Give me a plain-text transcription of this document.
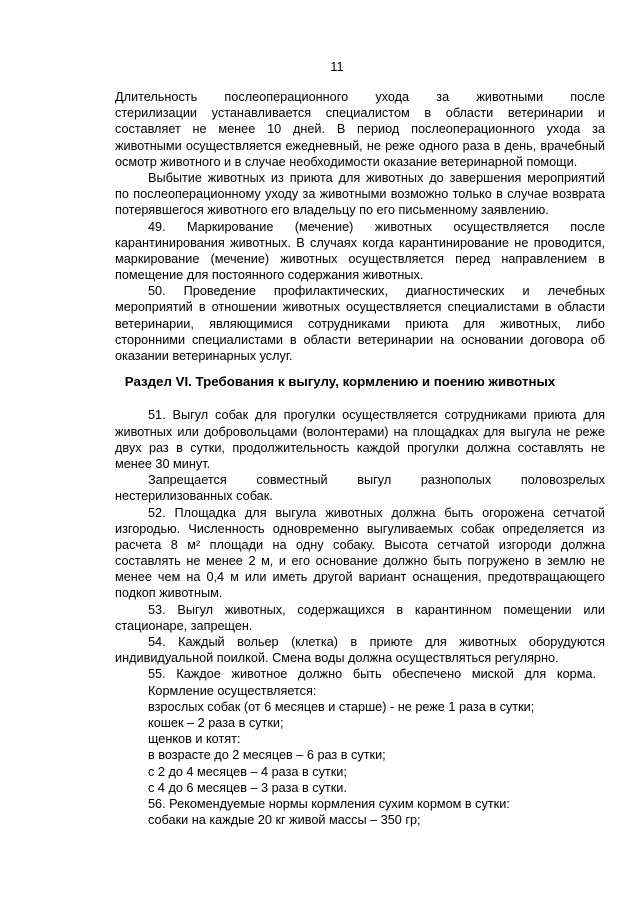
11
Длительность послеоперационного ухода за животными после
стерилизации устанавливается специалистом в области ветеринарии и
составляет не менее 10 дней. В период послеоперационного ухода за
животными осуществляется ежедневный, не реже одного раза в день, врачебный
осмотр животного и в случае необходимости оказание ветеринарной помощи.
Выбытие животных из приюта для животных до завершения мероприятий
по послеоперационному уходу за животными возможно только в случае возврата
потерявшегося животного его владельцу по его письменному заявлению.
49. Маркирование (мечение) животных осуществляется после
карантинирования животных. В случаях когда карантинирование не проводится,
маркирование (мечение) животных осуществляется перед направлением в
помещение для постоянного содержания животных.
50. Проведение профилактических, диагностических и лечебных
мероприятий в отношении животных осуществляется специалистами в области
ветеринарии, являющимися сотрудниками приюта для животных, либо
сторонними специалистами в области ветеринарии на основании договора об
оказании ветеринарных услуг.
Раздел VI. Требования к выгулу, кормлению и поению животных
51. Выгул собак для прогулки осуществляется сотрудниками приюта для
животных или добровольцами (волонтерами) на площадках для выгула не реже
двух раз в сутки, продолжительность каждой прогулки должна составлять не
менее 30 минут.
Запрещается совместный выгул разнополых половозрелых
нестерилизованных собак.
52. Площадка для выгула животных должна быть огорожена сетчатой
изгородью. Численность одновременно выгуливаемых собак определяется из
расчета 8 м² площади на одну собаку. Высота сетчатой изгороди должна
составлять не менее 2 м, и его основание должно быть погружено в землю не
менее чем на 0,4 м или иметь другой вариант оснащения, предотвращающего
подкоп животным.
53. Выгул животных, содержащихся в карантинном помещении или
стационаре, запрещен.
54. Каждый вольер (клетка) в приюте для животных оборудуются
индивидуальной поилкой. Смена воды должна осуществляться регулярно.
55. Каждое животное должно быть обеспечено миской для корма.
Кормление осуществляется:
взрослых собак (от 6 месяцев и старше) - не реже 1 раза в сутки;
кошек – 2 раза в сутки;
щенков и котят:
в возрасте до 2 месяцев – 6 раз в сутки;
с 2 до 4 месяцев – 4 раза в сутки;
с 4 до 6 месяцев – 3 раза в сутки.
56. Рекомендуемые нормы кормления сухим кормом в сутки:
собаки на каждые 20 кг живой массы – 350 гр;
